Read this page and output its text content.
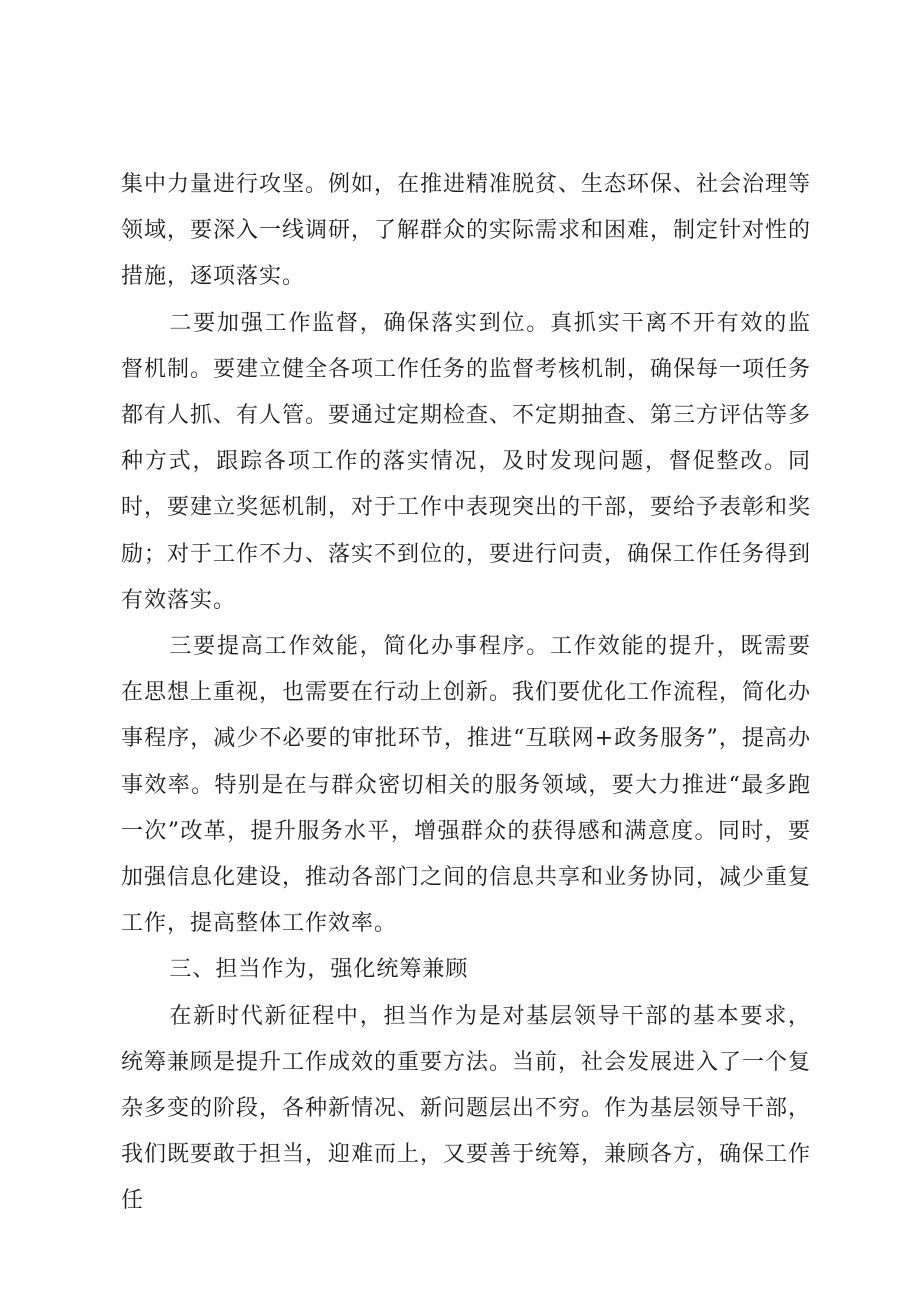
集中力量进行攻坚。例如，在推进精准脱贫、生态环保、社会治理等领域，要深入一线调研，了解群众的实际需求和困难，制定针对性的措施，逐项落实。

二要加强工作监督，确保落实到位。真抓实干离不开有效的监督机制。要建立健全各项工作任务的监督考核机制，确保每一项任务都有人抓、有人管。要通过定期检查、不定期抽查、第三方评估等多种方式，跟踪各项工作的落实情况，及时发现问题，督促整改。同时，要建立奖惩机制，对于工作中表现突出的干部，要给予表彰和奖励；对于工作不力、落实不到位的，要进行问责，确保工作任务得到有效落实。

三要提高工作效能，简化办事程序。工作效能的提升，既需要在思想上重视，也需要在行动上创新。我们要优化工作流程，简化办事程序，减少不必要的审批环节，推进“互联网+政务服务”，提高办事效率。特别是在与群众密切相关的服务领域，要大力推进“最多跑一次”改革，提升服务水平，增强群众的获得感和满意度。同时，要加强信息化建设，推动各部门之间的信息共享和业务协同，减少重复工作，提高整体工作效率。

三、担当作为，强化统筹兼顾

在新时代新征程中，担当作为是对基层领导干部的基本要求，统筹兼顾是提升工作成效的重要方法。当前，社会发展进入了一个复杂多变的阶段，各种新情况、新问题层出不穷。作为基层领导干部，我们既要敢于担当，迎难而上，又要善于统筹，兼顾各方，确保工作任
